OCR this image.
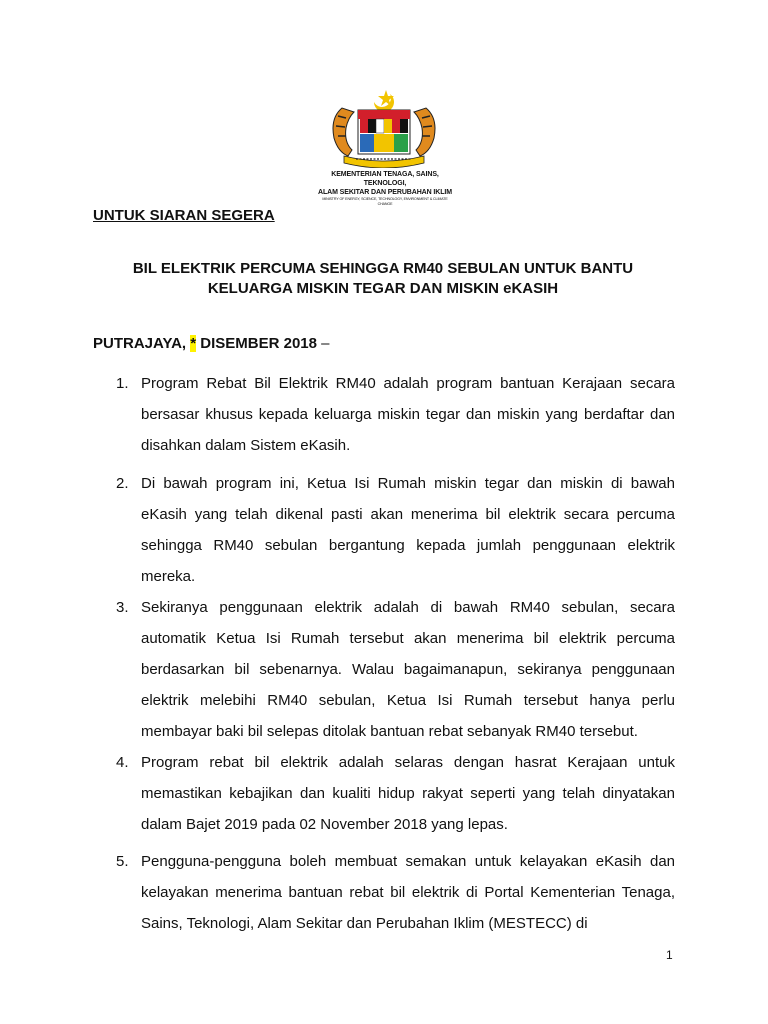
KEMENTERIAN TENAGA, SAINS, TEKNOLOGI,
ALAM SEKITAR DAN PERUBAHAN IKLIM
MINISTRY OF ENERGY, SCIENCE, TECHNOLOGY, ENVIRONMENT & CLIMATE CHANGE
UNTUK SIARAN SEGERA
BIL ELEKTRIK PERCUMA SEHINGGA RM40 SEBULAN UNTUK BANTU
KELUARGA MISKIN TEGAR DAN MISKIN eKASIH
PUTRAJAYA, * DISEMBER 2018 –
1. Program Rebat Bil Elektrik RM40 adalah program bantuan Kerajaan secara bersasar khusus kepada keluarga miskin tegar dan miskin yang berdaftar dan disahkan dalam Sistem eKasih.
2. Di bawah program ini, Ketua Isi Rumah miskin tegar dan miskin di bawah eKasih yang telah dikenal pasti akan menerima bil elektrik secara percuma sehingga RM40 sebulan bergantung kepada jumlah penggunaan elektrik mereka.
3. Sekiranya penggunaan elektrik adalah di bawah RM40 sebulan, secara automatik Ketua Isi Rumah tersebut akan menerima bil elektrik percuma berdasarkan bil sebenarnya. Walau bagaimanapun, sekiranya penggunaan elektrik melebihi RM40 sebulan, Ketua Isi Rumah tersebut hanya perlu membayar baki bil selepas ditolak bantuan rebat sebanyak RM40 tersebut.
4. Program rebat bil elektrik adalah selaras dengan hasrat Kerajaan untuk memastikan kebajikan dan kualiti hidup rakyat seperti yang telah dinyatakan dalam Bajet 2019 pada 02 November 2018 yang lepas.
5. Pengguna-pengguna boleh membuat semakan untuk kelayakan eKasih dan kelayakan menerima bantuan rebat bil elektrik di Portal Kementerian Tenaga, Sains, Teknologi, Alam Sekitar dan Perubahan Iklim (MESTECC) di
1
